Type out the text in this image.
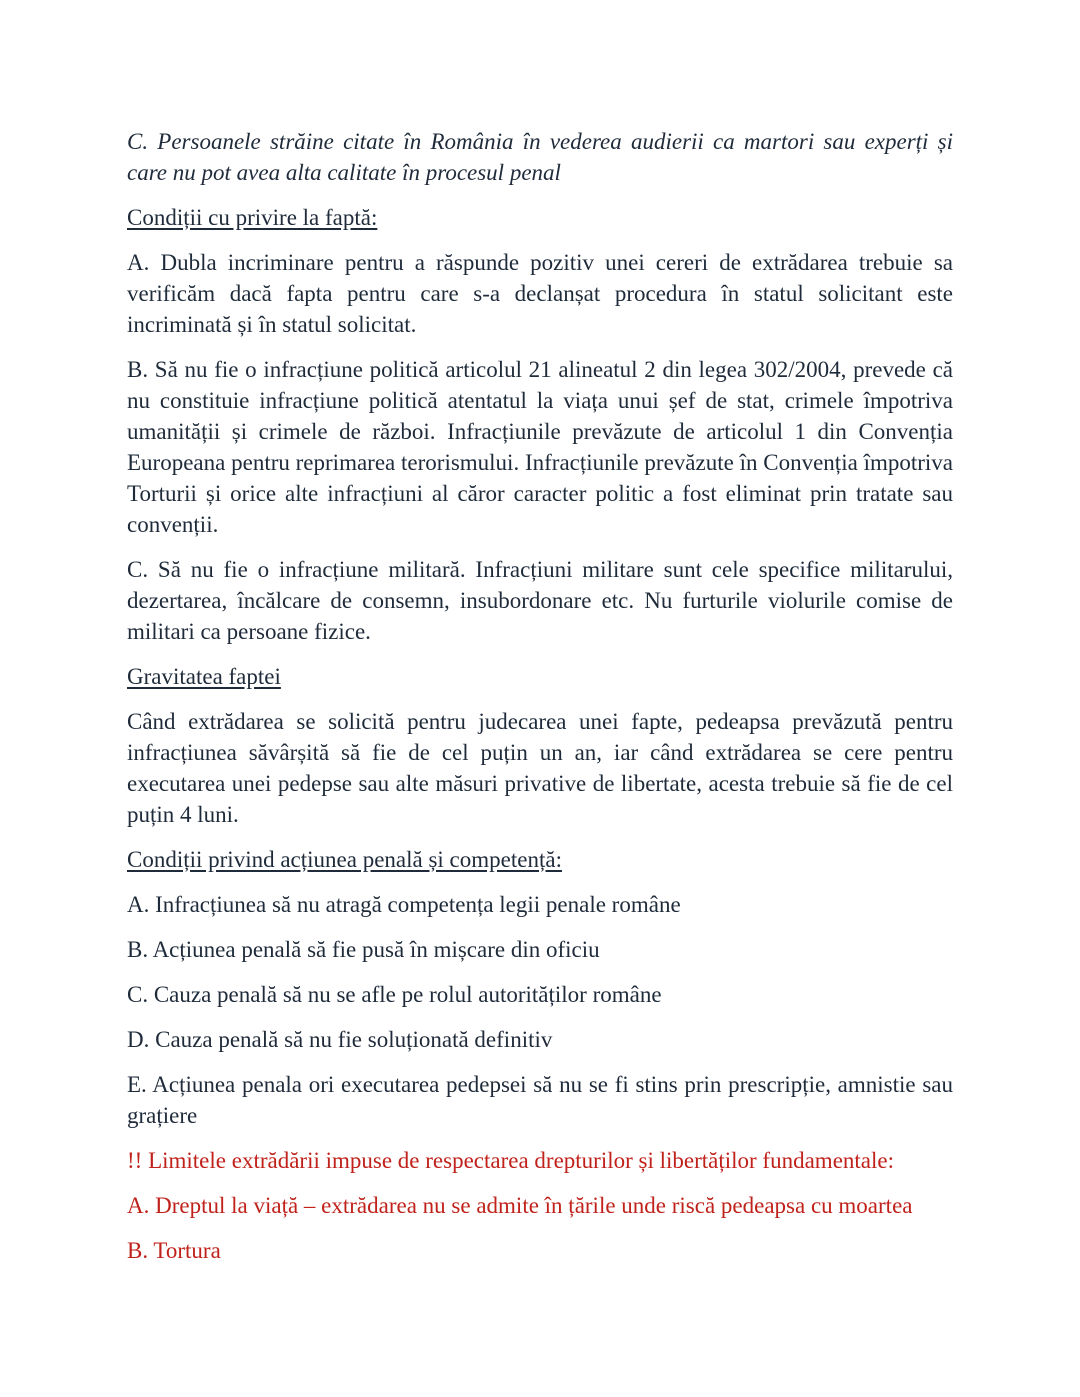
C. Persoanele străine citate în România în vederea audierii ca martori sau experți și care nu pot avea alta calitate în procesul penal

Condiții cu privire la faptă:

A. Dubla incriminare pentru a răspunde pozitiv unei cereri de extrădarea trebuie sa verificăm dacă fapta pentru care s-a declanșat procedura în statul solicitant este incriminată și în statul solicitat.

B. Să nu fie o infracțiune politică articolul 21 alineatul 2 din legea 302/2004, prevede că nu constituie infracțiune politică atentatul la viața unui șef de stat, crimele împotriva umanității și crimele de război. Infracțiunile prevăzute de articolul 1 din Convenția Europeana pentru reprimarea terorismului. Infracțiunile prevăzute în Convenția împotriva Torturii și orice alte infracțiuni al căror caracter politic a fost eliminat prin tratate sau convenții.

C. Să nu fie o infracțiune militară. Infracțiuni militare sunt cele specifice militarului, dezertarea, încălcare de consemn, insubordonare etc. Nu furturile violurile comise de militari ca persoane fizice.

Gravitatea faptei

Când extrădarea se solicită pentru judecarea unei fapte, pedeapsa prevăzută pentru infracțiunea săvârșită să fie de cel puțin un an, iar când extrădarea se cere pentru executarea unei pedepse sau alte măsuri privative de libertate, acesta trebuie să fie de cel puțin 4 luni.

Condiții privind acțiunea penală și competență:

A. Infracțiunea să nu atragă competența legii penale române

B. Acțiunea penală să fie pusă în mișcare din oficiu

C. Cauza penală să nu se afle pe rolul autorităților române

D. Cauza penală să nu fie soluționată definitiv

E. Acțiunea penala ori executarea pedepsei să nu se fi stins prin prescripție, amnistie sau grațiere

!! Limitele extrădării impuse de respectarea drepturilor și libertăților fundamentale:

A. Dreptul la viață – extrădarea nu se admite în țările unde riscă pedeapsa cu moartea

B. Tortura
